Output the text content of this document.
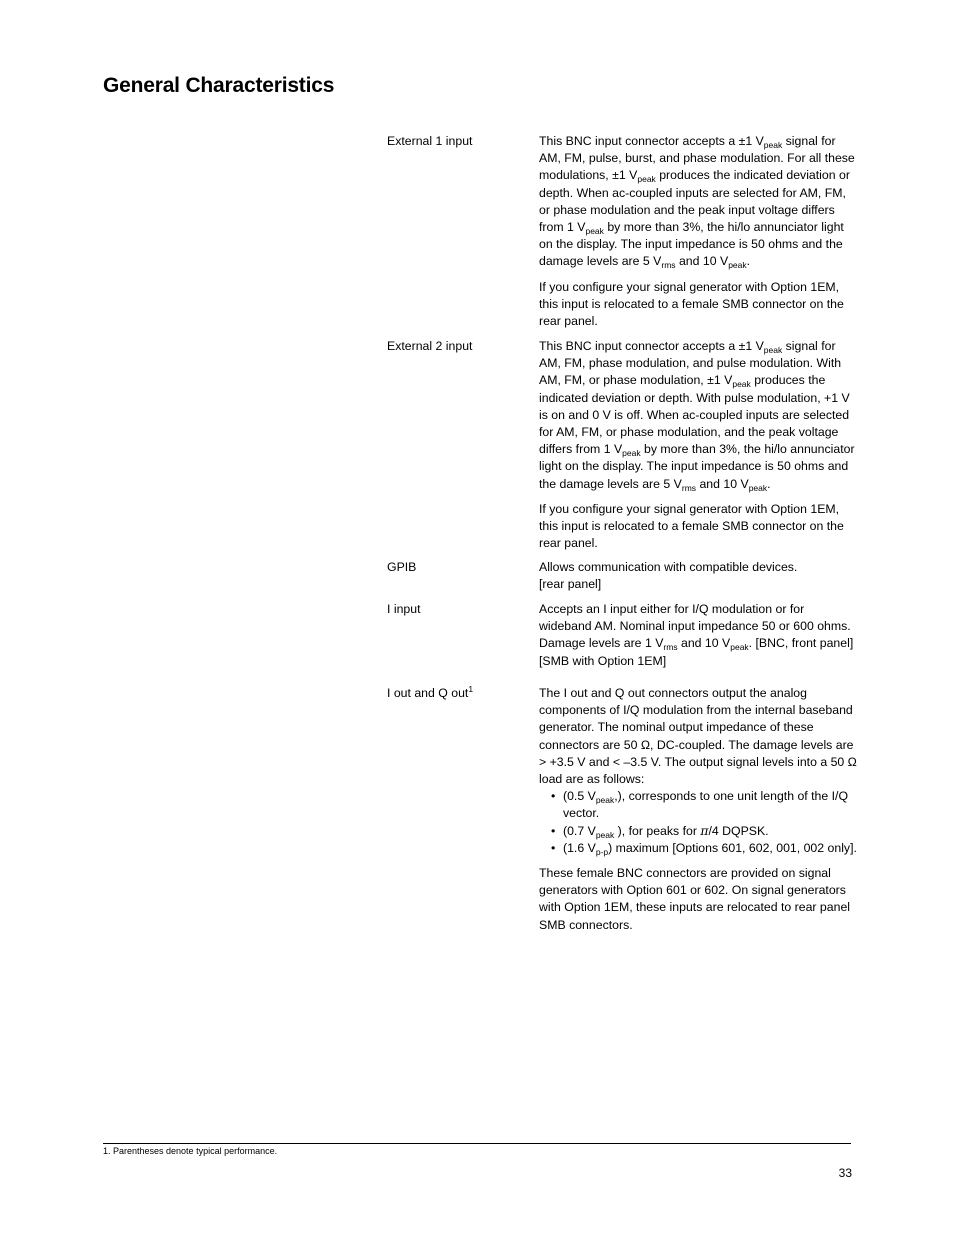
General Characteristics
External 1 input	This BNC input connector accepts a ±1 $V_{peak}$ signal for AM, FM, pulse, burst, and phase modulation. For all these modulations, ±1 $V_{peak}$ produces the indicated deviation or depth. When ac-coupled inputs are selected for AM, FM, or phase modulation and the peak input voltage differs from 1 $V_{peak}$ by more than 3%, the hi/lo annunciator light on the display. The input impedance is 50 ohms and the damage levels are 5 $V_{rms}$ and 10 $V_{peak}$.

If you configure your signal generator with Option 1EM, this input is relocated to a female SMB connector on the rear panel.

External 2 input	This BNC input connector accepts a ±1 $V_{peak}$ signal for AM, FM, phase modulation, and pulse modulation. With AM, FM, or phase modulation, ±1 $V_{peak}$ produces the indicated deviation or depth. With pulse modulation, +1 V is on and 0 V is off. When ac-coupled inputs are selected for AM, FM, or phase modulation, and the peak voltage differs from 1 $V_{peak}$ by more than 3%, the hi/lo annunciator light on the display. The input impedance is 50 ohms and the damage levels are 5 $V_{rms}$ and 10 $V_{peak}$.

If you configure your signal generator with Option 1EM, this input is relocated to a female SMB connector on the rear panel.

GPIB	Allows communication with compatible devices.
[rear panel]
I input	Accepts an I input either for I/Q modulation or for wideband AM. Nominal input impedance 50 or 600 ohms. Damage levels are 1 $V_{rms}$ and 10 $V_{peak}$. [BNC, front panel]
[SMB with Option 1EM]
I out and Q out$^1$	The I out and Q out connectors output the analog components of I/Q modulation from the internal baseband generator. The nominal output impedance of these connectors are 50 Ω, DC-coupled. The damage levels are > +3.5 V and < –3.5 V. The output signal levels into a 50 Ω load are as follows:

• (0.5 $V_{peak}$,), corresponds to one unit length of the I/Q vector.
• (0.7 $V_{peak}$ ), for peaks for π/4 DQPSK.
• (1.6 $V_{p-p}$) maximum [Options 601, 602, 001, 002 only].

These female BNC connectors are provided on signal generators with Option 601 or 602. On signal generators with Option 1EM, these inputs are relocated to rear panel SMB connectors.

1. Parentheses denote typical performance.
33
